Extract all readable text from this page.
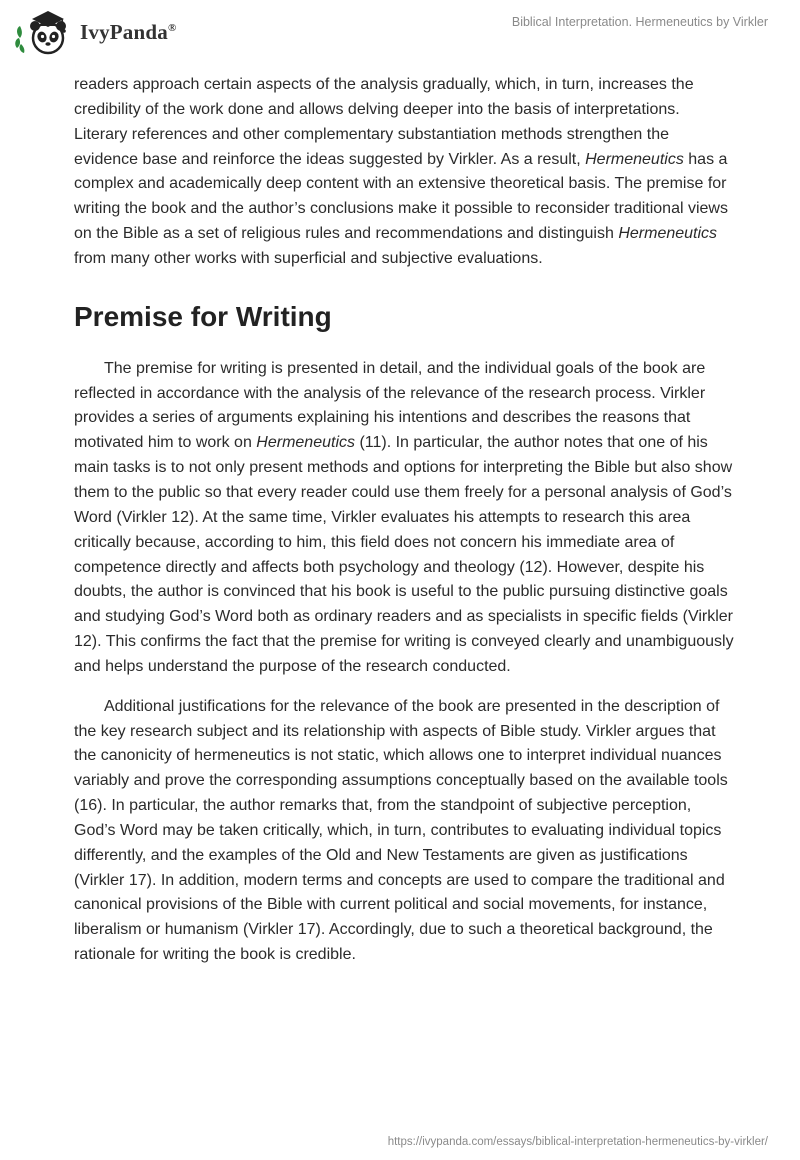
IvyPanda®	Biblical Interpretation. Hermeneutics by Virkler

readers approach certain aspects of the analysis gradually, which, in turn, increases the credibility of the work done and allows delving deeper into the basis of interpretations. Literary references and other complementary substantiation methods strengthen the evidence base and reinforce the ideas suggested by Virkler. As a result, Hermeneutics has a complex and academically deep content with an extensive theoretical basis. The premise for writing the book and the author’s conclusions make it possible to reconsider traditional views on the Bible as a set of religious rules and recommendations and distinguish Hermeneutics from many other works with superficial and subjective evaluations.

Premise for Writing

The premise for writing is presented in detail, and the individual goals of the book are reflected in accordance with the analysis of the relevance of the research process. Virkler provides a series of arguments explaining his intentions and describes the reasons that motivated him to work on Hermeneutics (11). In particular, the author notes that one of his main tasks is to not only present methods and options for interpreting the Bible but also show them to the public so that every reader could use them freely for a personal analysis of God’s Word (Virkler 12). At the same time, Virkler evaluates his attempts to research this area critically because, according to him, this field does not concern his immediate area of competence directly and affects both psychology and theology (12). However, despite his doubts, the author is convinced that his book is useful to the public pursuing distinctive goals and studying God’s Word both as ordinary readers and as specialists in specific fields (Virkler 12). This confirms the fact that the premise for writing is conveyed clearly and unambiguously and helps understand the purpose of the research conducted.

Additional justifications for the relevance of the book are presented in the description of the key research subject and its relationship with aspects of Bible study. Virkler argues that the canonicity of hermeneutics is not static, which allows one to interpret individual nuances variably and prove the corresponding assumptions conceptually based on the available tools (16). In particular, the author remarks that, from the standpoint of subjective perception, God’s Word may be taken critically, which, in turn, contributes to evaluating individual topics differently, and the examples of the Old and New Testaments are given as justifications (Virkler 17). In addition, modern terms and concepts are used to compare the traditional and canonical provisions of the Bible with current political and social movements, for instance, liberalism or humanism (Virkler 17). Accordingly, due to such a theoretical background, the rationale for writing the book is credible.

https://ivypanda.com/essays/biblical-interpretation-hermeneutics-by-virkler/
